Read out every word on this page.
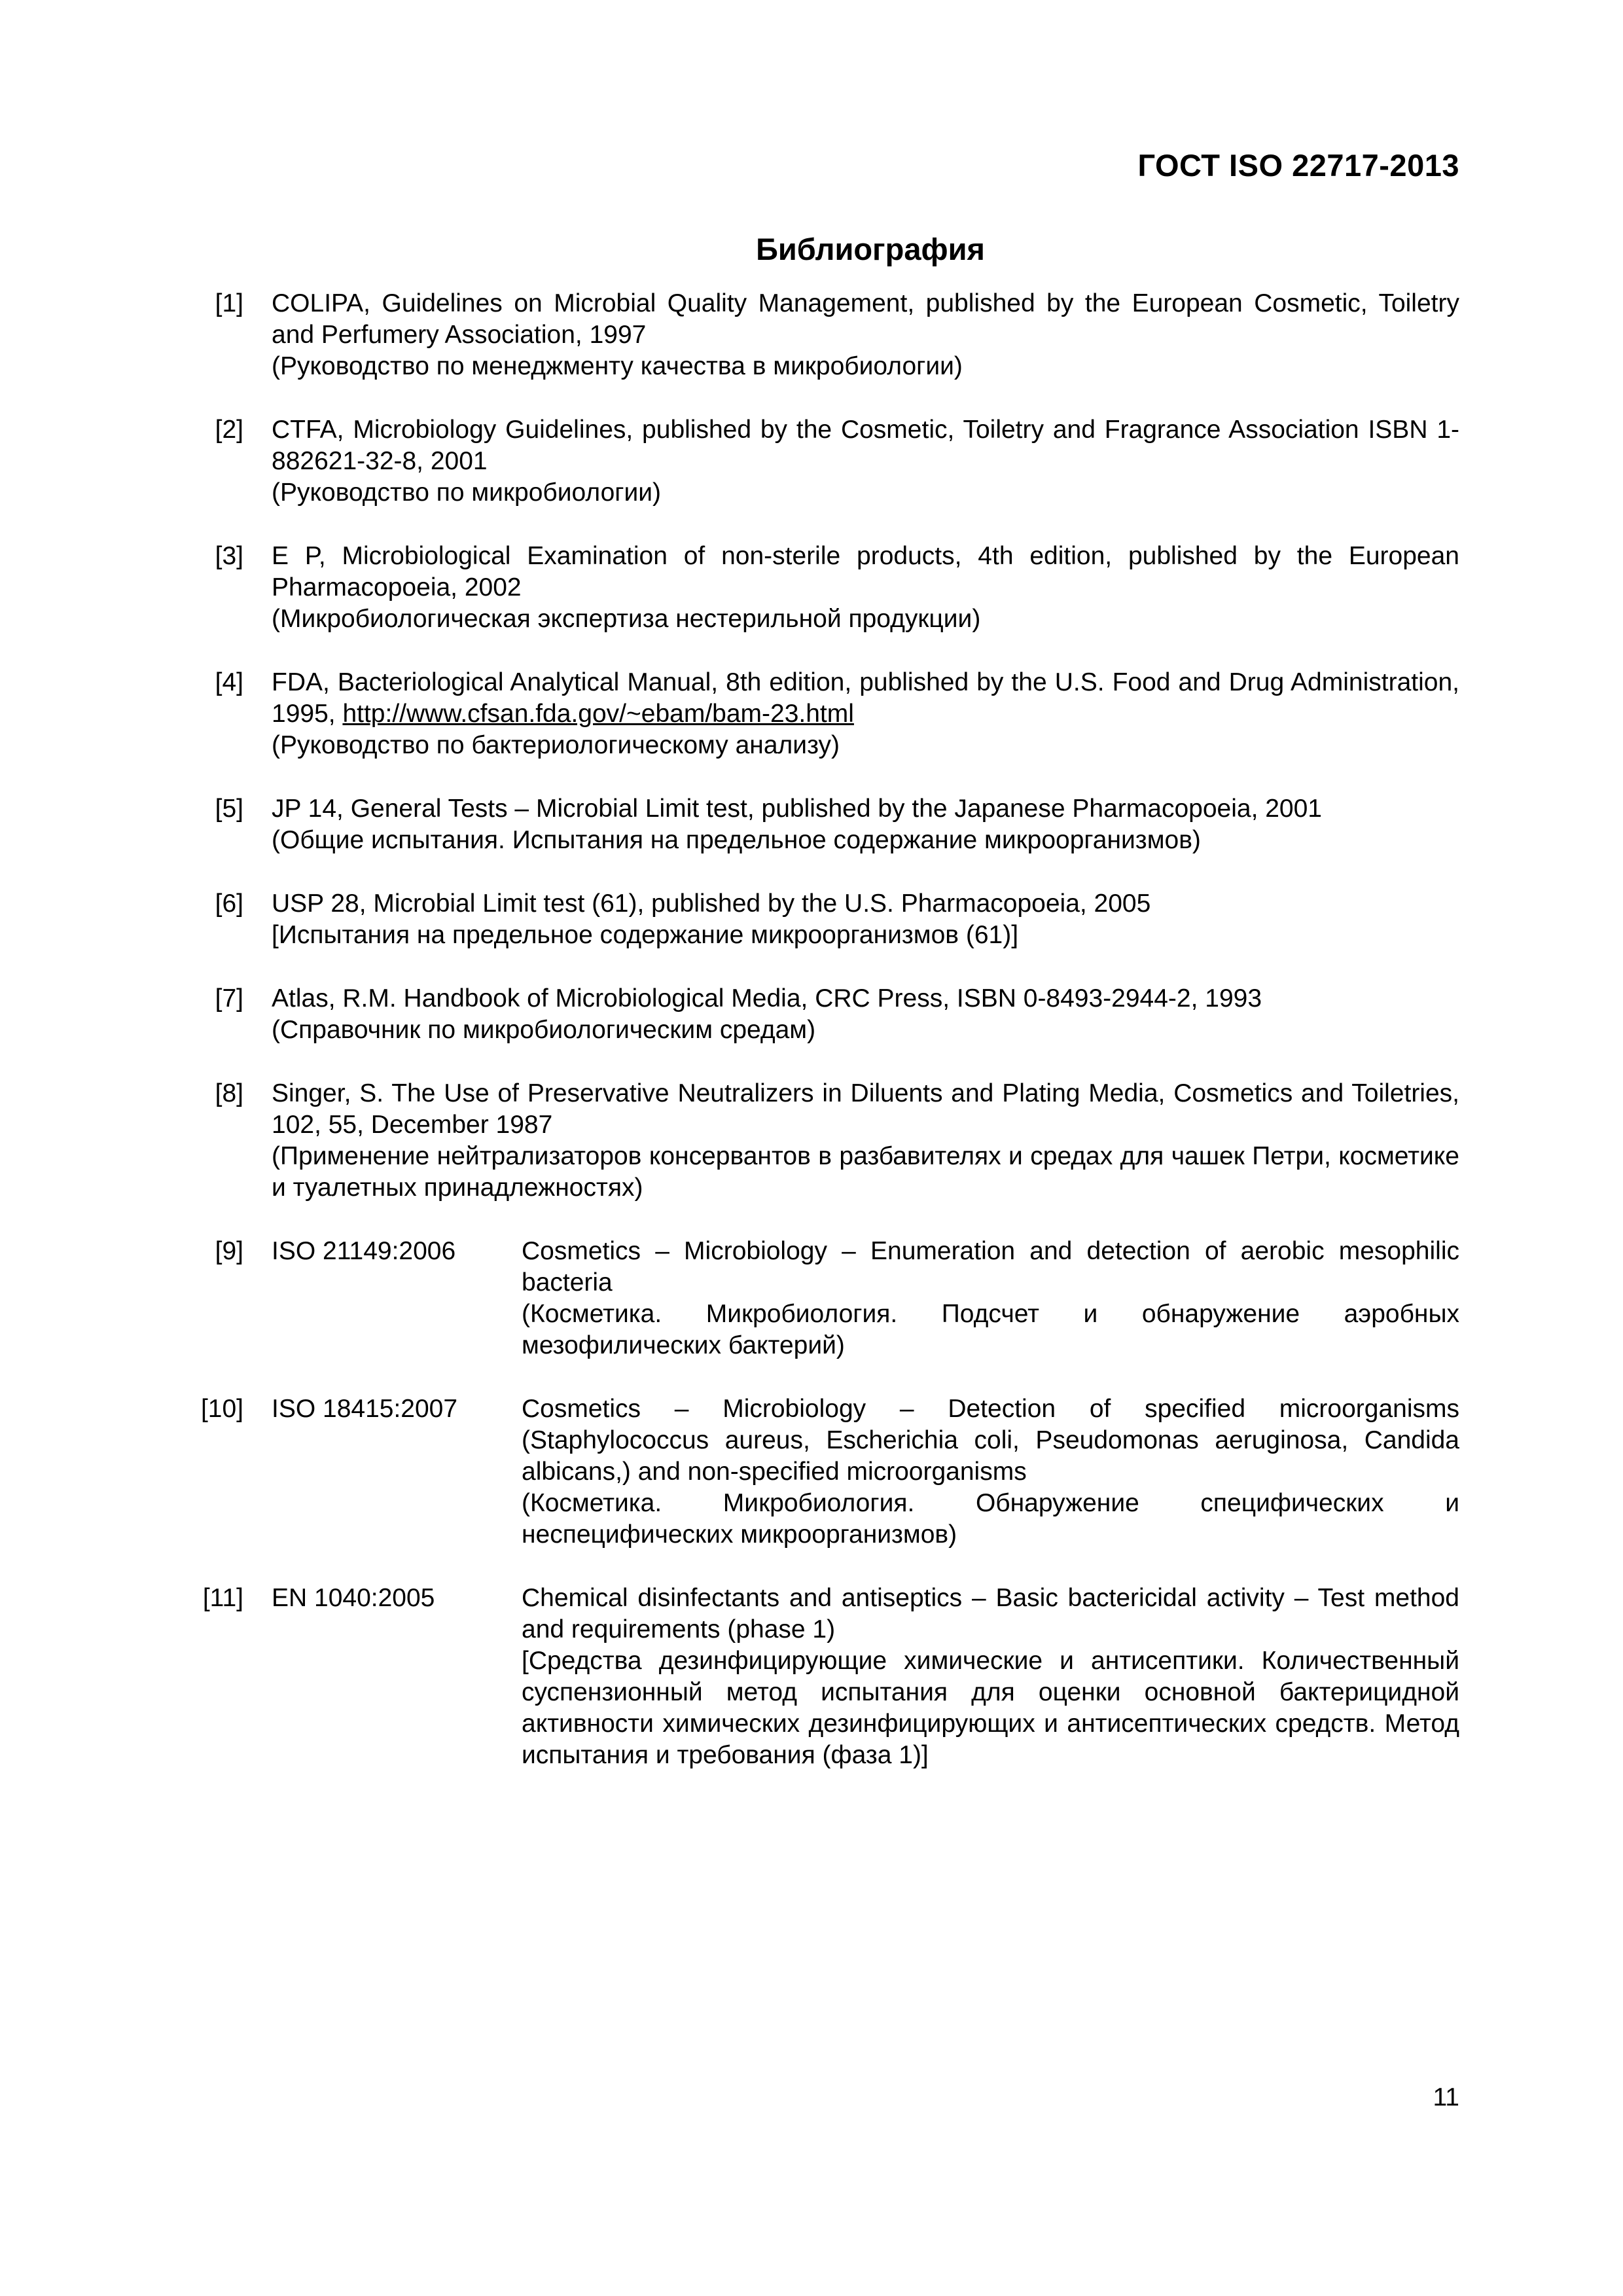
ГОСТ ISO 22717-2013
Библиография
[1] COLIPA, Guidelines on Microbial Quality Management, published by the European Cosmetic, Toiletry and Perfumery Association, 1997

(Руководство по менеджменту качества в микробиологии)

[2] CTFA, Microbiology Guidelines, published by the Cosmetic, Toiletry and Fragrance Association ISBN 1-882621-32-8, 2001

(Руководство по микробиологии)

[3] E P, Microbiological Examination of non-sterile products, 4th edition, published by the European Pharmacopoeia, 2002

(Микробиологическая экспертиза нестерильной продукции)

[4] FDA, Bacteriological Analytical Manual, 8th edition, published by the U.S. Food and Drug Administration, 1995, http://www.cfsan.fda.gov/~ebam/bam-23.html

(Руководство по бактериологическому анализу)

[5] JP 14, General Tests – Microbial Limit test, published by the Japanese Pharmacopoeia, 2001

(Общие испытания. Испытания на предельное содержание микроорганизмов)

[6] USP 28, Microbial Limit test (61), published by the U.S. Pharmacopoeia, 2005

[Испытания на предельное содержание микроорганизмов (61)]

[7] Atlas, R.M. Handbook of Microbiological Media, CRC Press, ISBN 0-8493-2944-2, 1993

(Справочник по микробиологическим средам)

[8] Singer, S. The Use of Preservative Neutralizers in Diluents and Plating Media, Cosmetics and Toiletries, 102, 55, December 1987

(Применение нейтрализаторов консервантов в разбавителях и средах для чашек Петри, косметике и туалетных принадлежностях)

[9] ISO 21149:2006	Cosmetics – Microbiology – Enumeration and detection of aerobic mesophilic bacteria

(Косметика. Микробиология. Подсчет и обнаружение аэробных мезофилических бактерий)

[10] ISO 18415:2007	Cosmetics – Microbiology – Detection of specified microorganisms (Staphylococcus aureus, Escherichia coli, Pseudomonas aeruginosa, Candida albicans,) and non-specified microorganisms

(Косметика. Микробиология. Обнаружение специфических и неспецифических микроорганизмов)

[11] EN 1040:2005	Chemical disinfectants and antiseptics – Basic bactericidal activity – Test method and requirements (phase 1)

[Средства дезинфицирующие химические и антисептики. Количественный суспензионный метод испытания для оценки основной бактерицидной активности химических дезинфицирующих и антисептических средств. Метод испытания и требования (фаза 1)]

11
